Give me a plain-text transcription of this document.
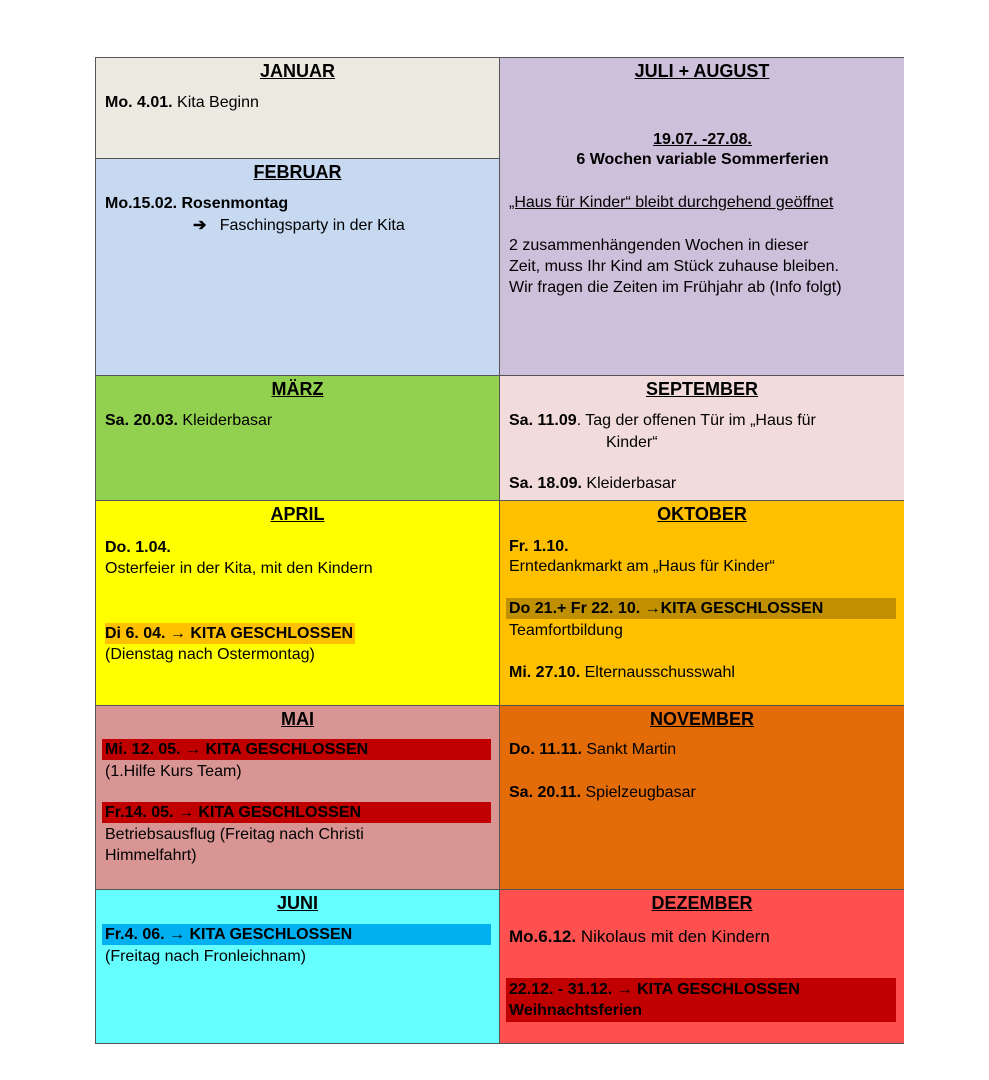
JANUAR
Mo. 4.01. Kita Beginn
FEBRUAR
Mo.15.02. Rosenmontag
➔ Faschingsparty in der Kita
JULI + AUGUST
19.07. -27.08.
6 Wochen variable Sommerferien
„Haus für Kinder“ bleibt durchgehend geöffnet
2 zusammenhängenden Wochen in dieser
Zeit, muss Ihr Kind am Stück zuhause bleiben.
Wir fragen die Zeiten im Frühjahr ab (Info folgt)
MÄRZ
Sa. 20.03. Kleiderbasar
SEPTEMBER
Sa. 11.09. Tag der offenen Tür im „Haus für
Kinder“
Sa. 18.09. Kleiderbasar
APRIL
Do. 1.04.
Osterfeier in der Kita, mit den Kindern
Di 6. 04. → KITA GESCHLOSSEN
(Dienstag nach Ostermontag)
OKTOBER
Fr. 1.10.
Erntedankmarkt am „Haus für Kinder“
Do 21.+ Fr 22. 10. →KITA GESCHLOSSEN
Teamfortbildung
Mi. 27.10. Elternausschusswahl
MAI
Mi. 12. 05. → KITA GESCHLOSSEN
(1.Hilfe Kurs Team)
Fr.14. 05. → KITA GESCHLOSSEN
Betriebsausflug (Freitag nach Christi
Himmelfahrt)
NOVEMBER
Do. 11.11. Sankt Martin
Sa. 20.11. Spielzeugbasar
JUNI
Fr.4. 06. → KITA GESCHLOSSEN
(Freitag nach Fronleichnam)
DEZEMBER
Mo.6.12. Nikolaus mit den Kindern
22.12. - 31.12. → KITA GESCHLOSSEN
Weihnachtsferien
